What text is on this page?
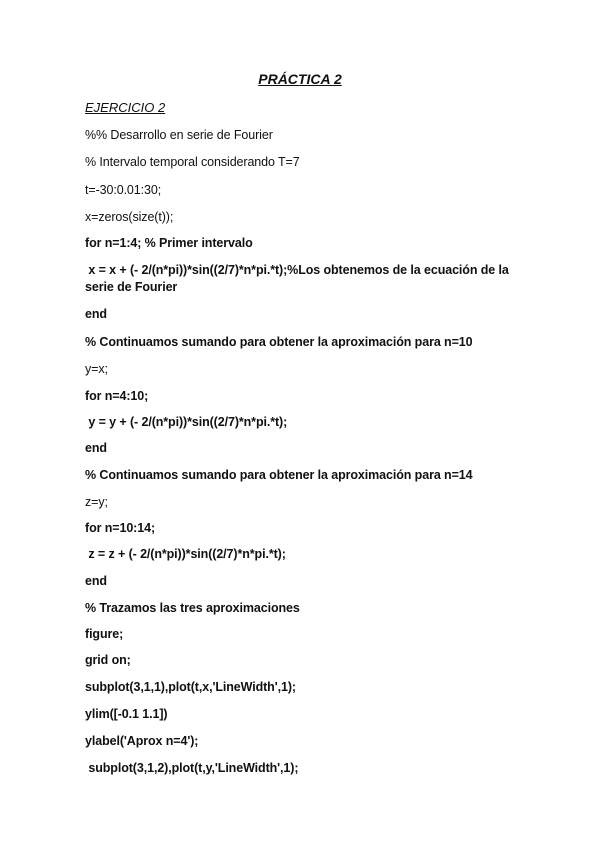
PRÁCTICA 2
EJERCICIO 2
%% Desarrollo en serie de Fourier
% Intervalo temporal considerando T=7
t=-30:0.01:30;
x=zeros(size(t));
for n=1:4; % Primer intervalo
x = x + (- 2/(n*pi))*sin((2/7)*n*pi.*t);%Los obtenemos de la ecuación de la serie de Fourier
end
% Continuamos sumando para obtener la aproximación para n=10
y=x;
for n=4:10;
y = y + (- 2/(n*pi))*sin((2/7)*n*pi.*t);
end
% Continuamos sumando para obtener la aproximación para n=14
z=y;
for n=10:14;
z = z + (- 2/(n*pi))*sin((2/7)*n*pi.*t);
end
% Trazamos las tres aproximaciones
figure;
grid on;
subplot(3,1,1),plot(t,x,'LineWidth',1);
ylim([-0.1 1.1])
ylabel('Aprox n=4');
subplot(3,1,2),plot(t,y,'LineWidth',1);
